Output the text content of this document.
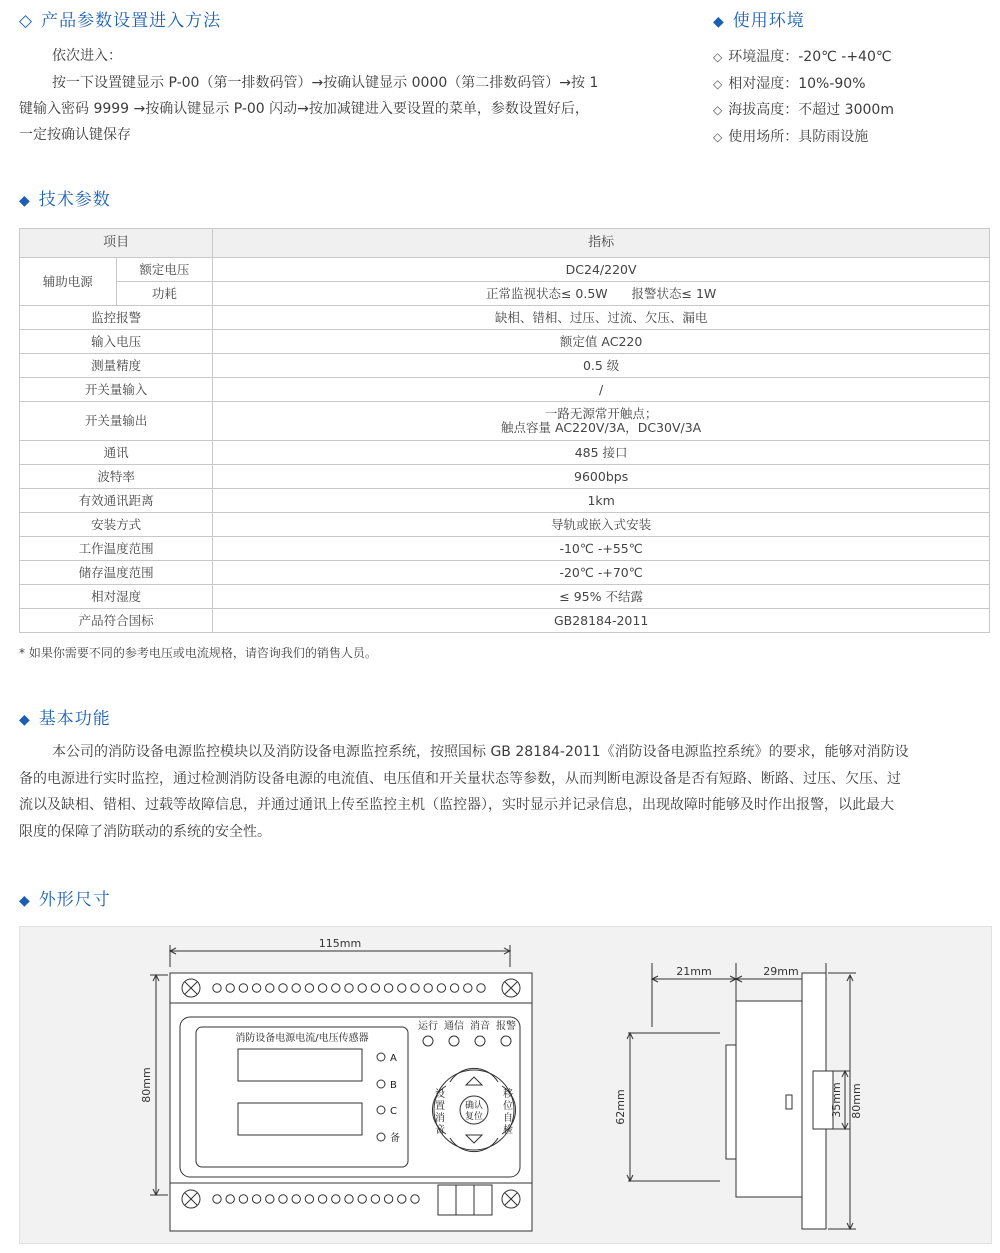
◇ 产品参数设置进入方法
依次进入：
按一下设置键显示 P-00（第一排数码管）→按确认键显示 0000（第二排数码管）→按 1
键输入密码 9999 →按确认键显示 P-00 闪动→按加减键进入要设置的菜单，参数设置好后，
一定按确认键保存
◆ 使用环境
◇ 环境温度：-20℃ -+40℃
◇ 相对湿度：10%-90%
◇ 海拔高度：不超过 3000m
◇ 使用场所：具防雨设施
◆ 技术参数
项目		指标
辅助电源	额定电压	DC24/220V
	功耗	正常监视状态≤ 0.5W      报警状态≤ 1W
监控报警		缺相、错相、过压、过流、欠压、漏电
输入电压		额定值 AC220
测量精度		0.5 级
开关量输入		/
开关量输出		一路无源常开触点；
触点容量 AC220V/3A，DC30V/3A

通讯		485 接口
波特率		9600bps
有效通讯距离		1km
安装方式		导轨或嵌入式安装
工作温度范围		-10℃ -+55℃
储存温度范围		-20℃ -+70℃
相对湿度		≤ 95% 不结露
产品符合国标		GB28184-2011
* 如果你需要不同的参考电压或电流规格，请咨询我们的销售人员。
◆ 基本功能
本公司的消防设备电源监控模块以及消防设备电源监控系统，按照国标 GB 28184-2011《消防设备电源监控系统》的要求，能够对消防设
备的电源进行实时监控，通过检测消防设备电源的电流值、电压值和开关量状态等参数，从而判断电源设备是否有短路、断路、过压、欠压、过
流以及缺相、错相、过载等故障信息，并通过通讯上传至监控主机（监控器），实时显示并记录信息，出现故障时能够及时作出报警，以此最大
限度的保障了消防联动的系统的安全性。
◆ 外形尺寸
115mm
80mm
消防设备电源电流/电压传感器
A
B
C
备
运行 通信 消音 报警
设
置
消
音
移
位
自
检
确认
复位
21mm	29mm
62mm	35mm 80mm
